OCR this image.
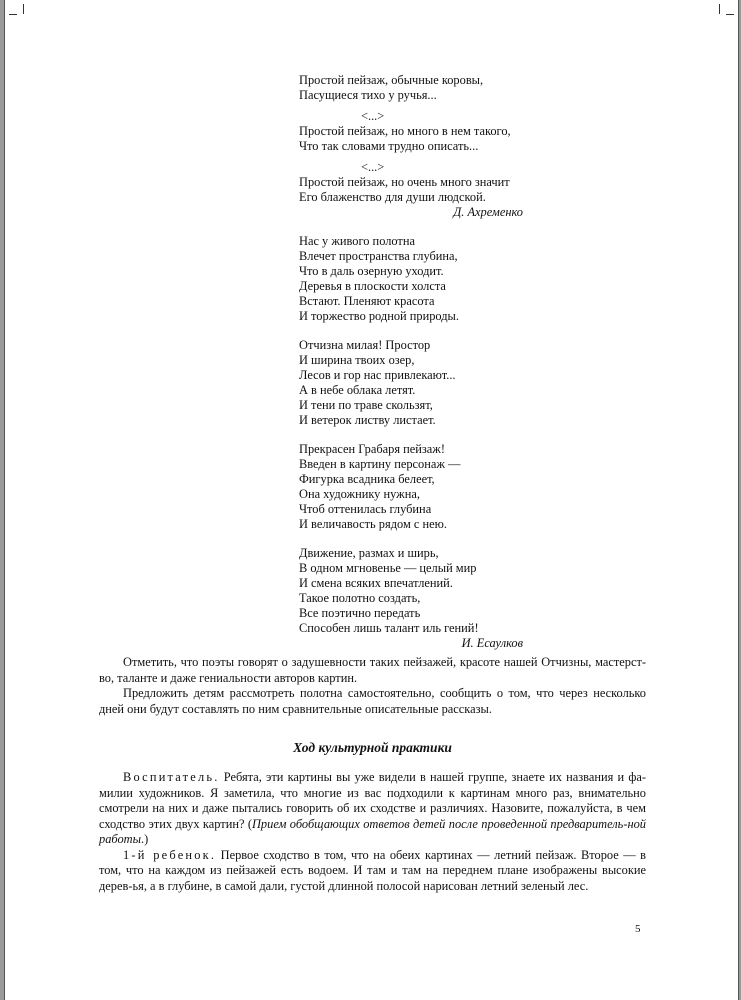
Простой пейзаж, обычные коровы,
Пасущиеся тихо у ручья...
<...>
Простой пейзаж, но много в нем такого,
Что так словами трудно описать...
<...>
Простой пейзаж, но очень много значит
Его блаженство для души людской.
Д. Ахременко
Нас у живого полотна
Влечет пространства глубина,
Что в даль озерную уходит.
Деревья в плоскости холста
Встают. Пленяют красота
И торжество родной природы.
Отчизна милая! Простор
И ширина твоих озер,
Лесов и гор нас привлекают...
А в небе облака летят.
И тени по траве скользят,
И ветерок листву листает.
Прекрасен Грабаря пейзаж!
Введен в картину персонаж —
Фигурка всадника белеет,
Она художнику нужна,
Чтоб оттенилась глубина
И величавость рядом с нею.
Движение, размах и ширь,
В одном мгновенье — целый мир
И смена всяких впечатлений.
Такое полотно создать,
Все поэтично передать
Способен лишь талант иль гений!
И. Есаулков

Отметить, что поэты говорят о задушевности таких пейзажей, красоте нашей Отчизны, мастерст-во, таланте и даже гениальности авторов картин.

Предложить детям рассмотреть полотна самостоятельно, сообщить о том, что через несколько дней они будут составлять по ним сравнительные описательные рассказы.

Ход культурной практики

Воспитатель. Ребята, эти картины вы уже видели в нашей группе, знаете их названия и фа-милии художников. Я заметила, что многие из вас подходили к картинам много раз, внимательно смотрели на них и даже пытались говорить об их сходстве и различиях. Назовите, пожалуйста, в чем сходство этих двух картин? (Прием обобщающих ответов детей после проведенной предваритель-ной работы.)

1-й ребенок. Первое сходство в том, что на обеих картинах — летний пейзаж. Второе — в том, что на каждом из пейзажей есть водоем. И там и там на переднем плане изображены высокие дерев-ья, а в глубине, в самой дали, густой длинной полосой нарисован летний зеленый лес.

5
